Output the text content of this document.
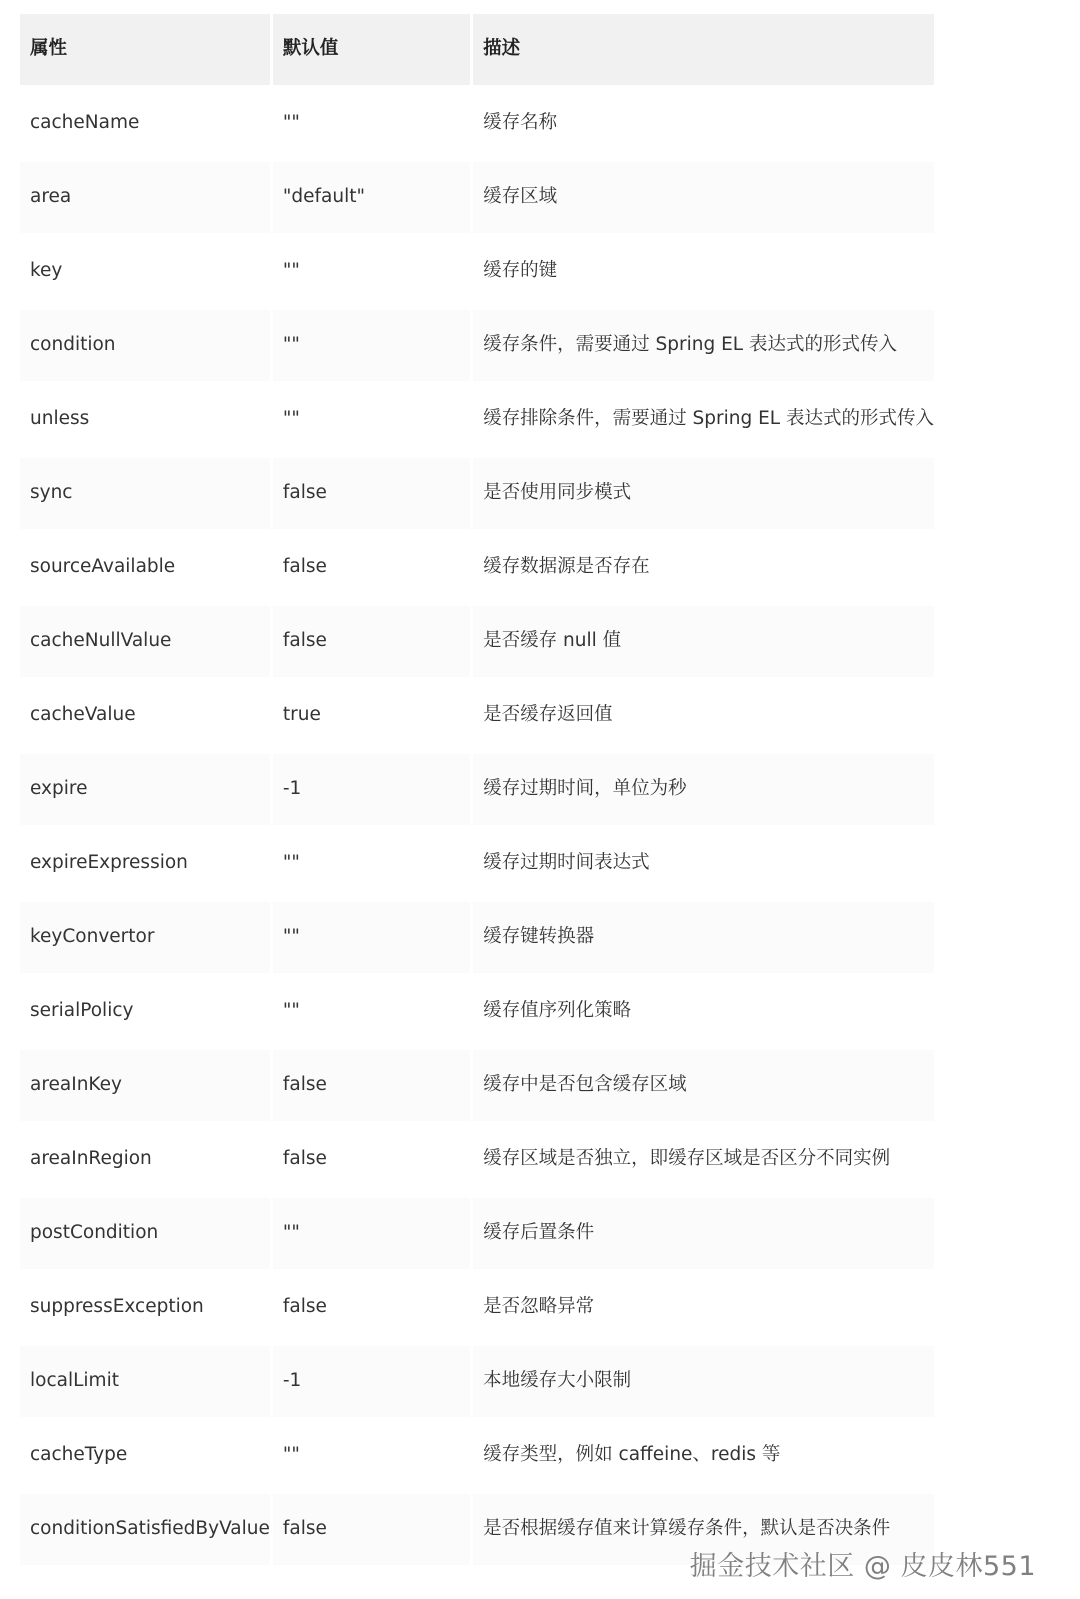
属性	默认值	描述
cacheName	""	缓存名称
area	"default"	缓存区域
key	""	缓存的键
condition	""	缓存条件，需要通过 Spring EL 表达式的形式传入
unless	""	缓存排除条件，需要通过 Spring EL 表达式的形式传入
sync	false	是否使用同步模式
sourceAvailable	false	缓存数据源是否存在
cacheNullValue	false	是否缓存 null 值
cacheValue	true	是否缓存返回值
expire	-1	缓存过期时间，单位为秒
expireExpression	""	缓存过期时间表达式
keyConvertor	""	缓存键转换器
serialPolicy	""	缓存值序列化策略
areaInKey	false	缓存中是否包含缓存区域
areaInRegion	false	缓存区域是否独立，即缓存区域是否区分不同实例
postCondition	""	缓存后置条件
suppressException	false	是否忽略异常
localLimit	-1	本地缓存大小限制
cacheType	""	缓存类型，例如 caffeine、redis 等
conditionSatisfiedByValue	false	是否根据缓存值来计算缓存条件，默认是否决条件
掘金技术社区 @ 皮皮林551
